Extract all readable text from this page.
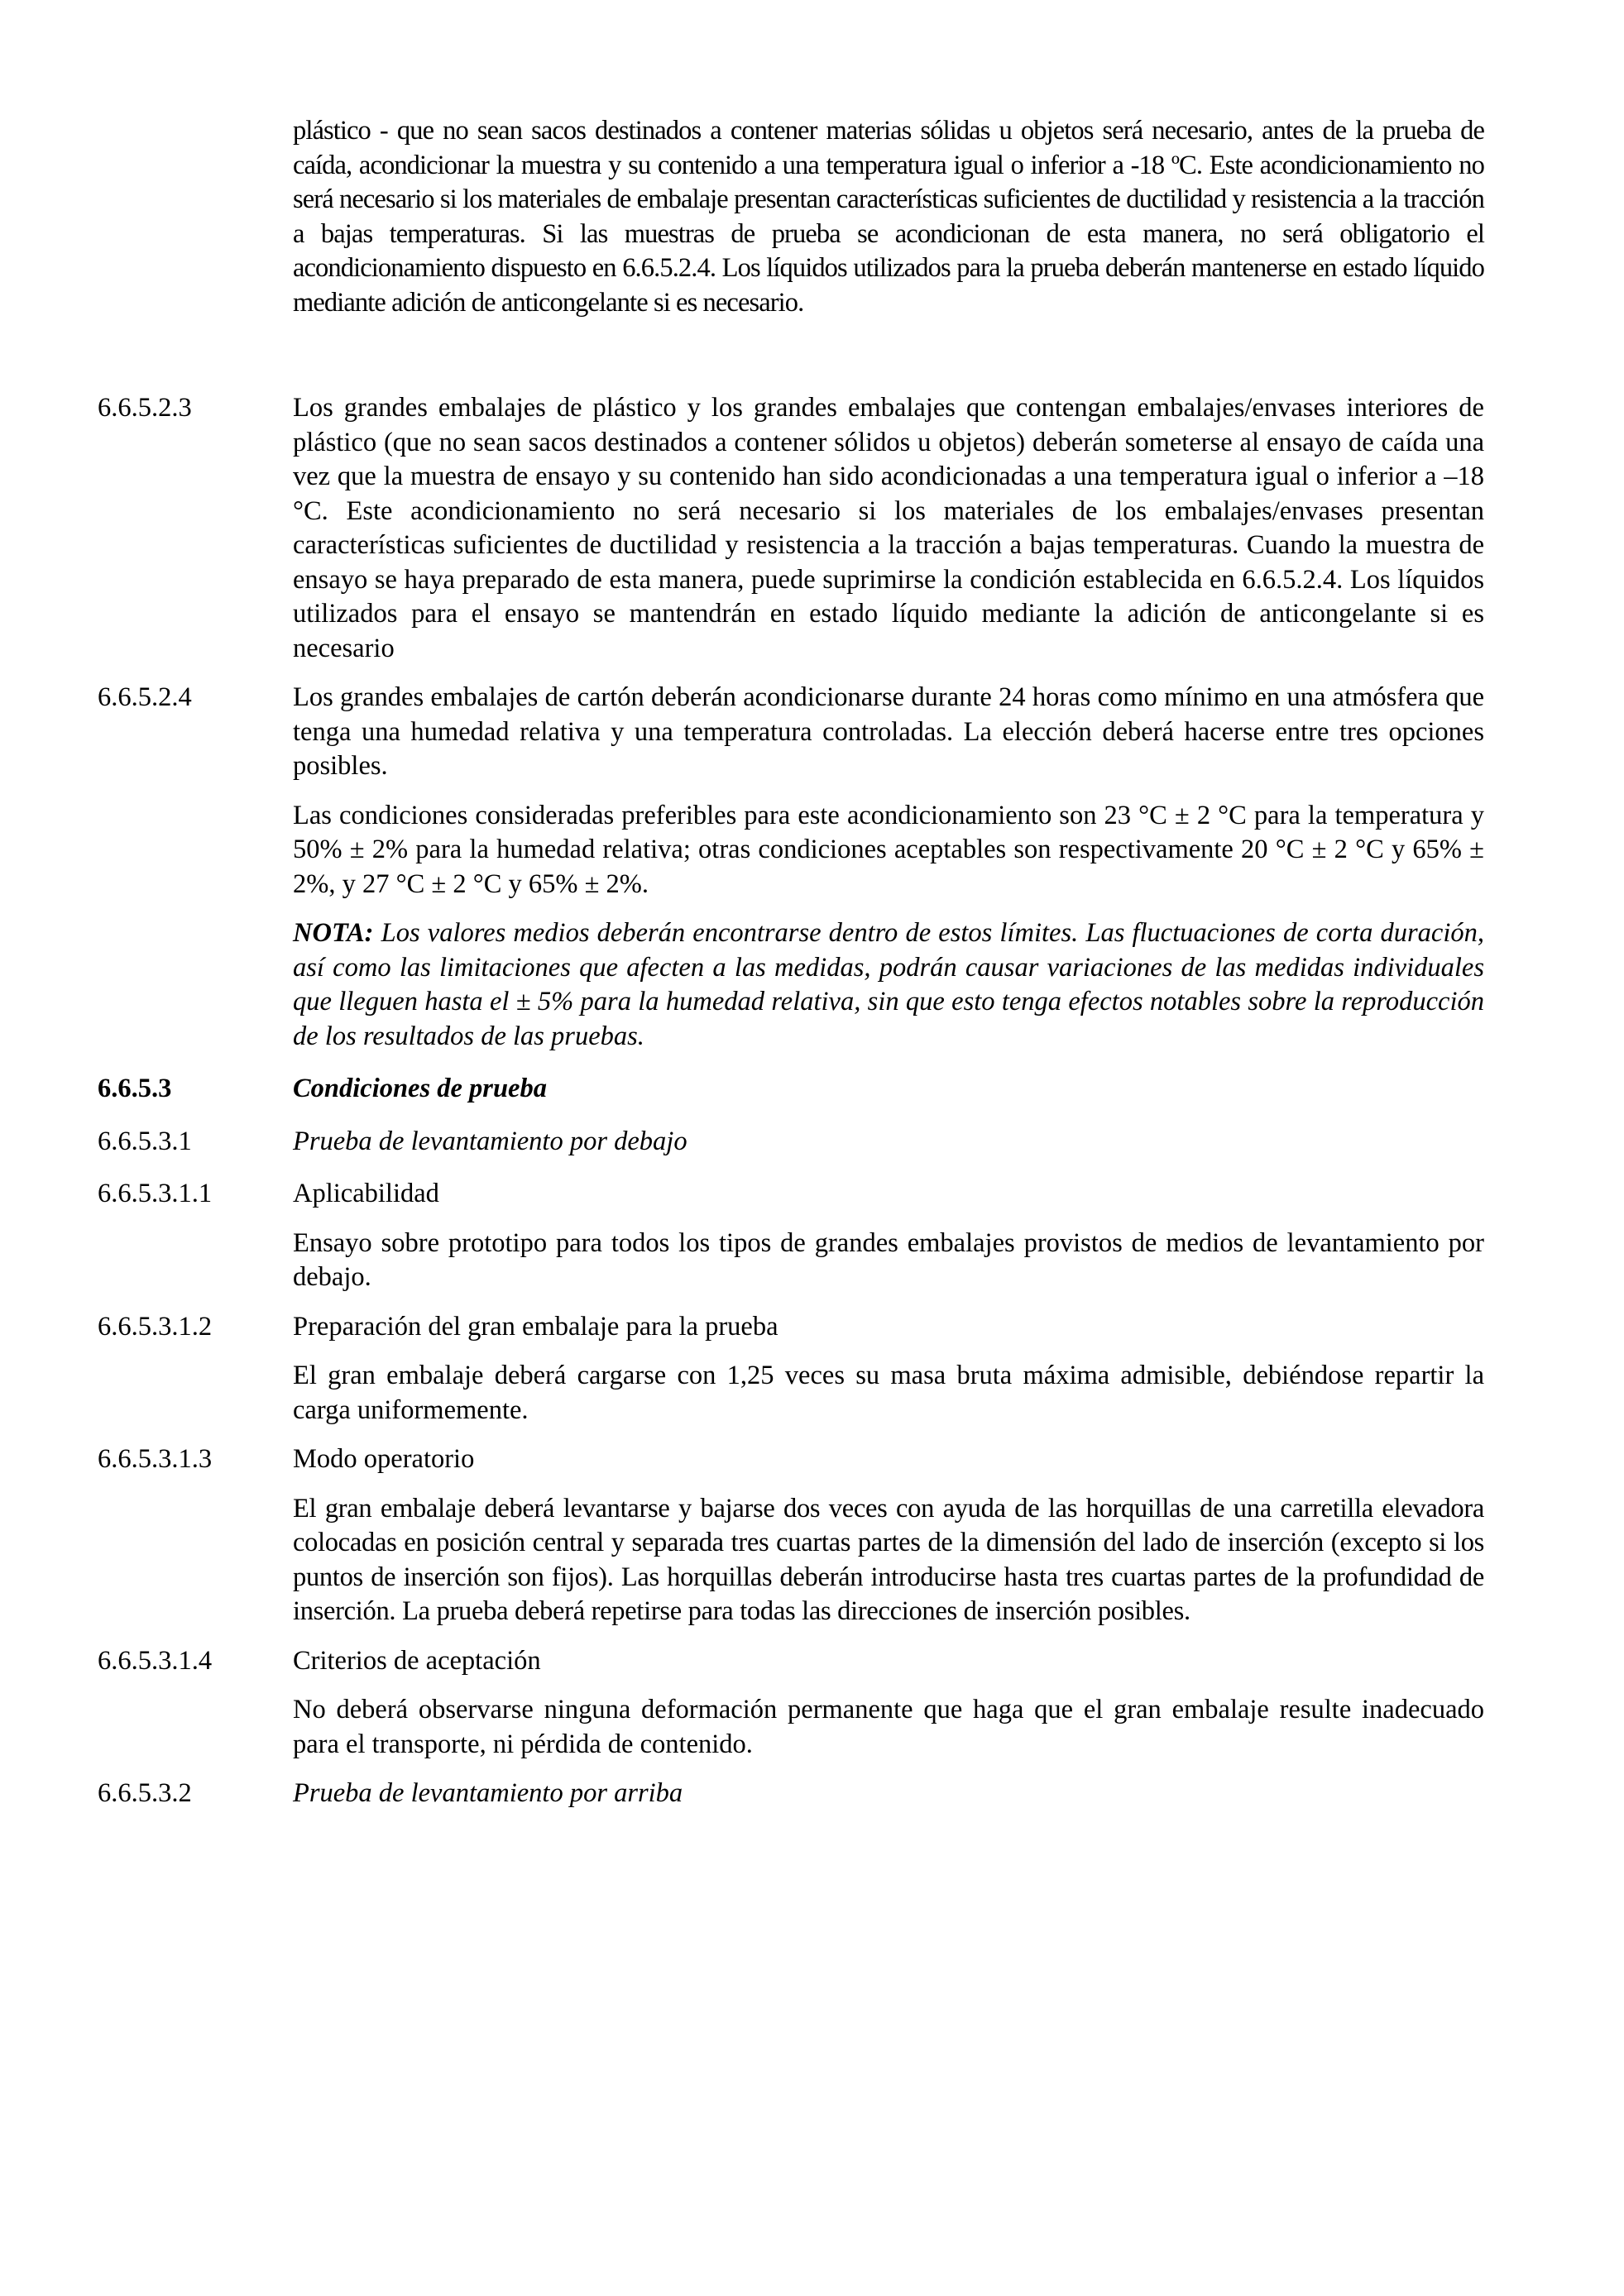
plástico - que no sean sacos destinados a contener materias sólidas u objetos será necesario, antes de la prueba de caída, acondicionar la muestra y su contenido a una temperatura igual o inferior a -18 ºC. Este acondicionamiento no será necesario si los materiales de embalaje presentan características suficientes de ductilidad y resistencia a la tracción a bajas temperaturas. Si las muestras de prueba se acondicionan de esta manera, no será obligatorio el acondicionamiento dispuesto en 6.6.5.2.4. Los líquidos utilizados para la prueba deberán mantenerse en estado líquido mediante adición de anticongelante si es necesario.
6.6.5.2.3	Los grandes embalajes de plástico y los grandes embalajes que contengan embalajes/envases interiores de plástico (que no sean sacos destinados a contener sólidos u objetos) deberán someterse al ensayo de caída una vez que la muestra de ensayo y su contenido han sido acondicionadas a una temperatura igual o inferior a –18 °C. Este acondicionamiento no será necesario si los materiales de los embalajes/envases presentan características suficientes de ductilidad y resistencia a la tracción a bajas temperaturas. Cuando la muestra de ensayo se haya preparado de esta manera, puede suprimirse la condición establecida en 6.6.5.2.4. Los líquidos utilizados para el ensayo se mantendrán en estado líquido mediante la adición de anticongelante si es necesario
6.6.5.2.4	Los grandes embalajes de cartón deberán acondicionarse durante 24 horas como mínimo en una atmósfera que tenga una humedad relativa y una temperatura controladas. La elección deberá hacerse entre tres opciones posibles.
Las condiciones consideradas preferibles para este acondicionamiento son 23 °C ± 2 °C para la temperatura y 50% ± 2% para la humedad relativa; otras condiciones aceptables son respectivamente 20 °C ± 2 °C y 65% ± 2%, y 27 °C ± 2 °C y 65% ± 2%.
NOTA: Los valores medios deberán encontrarse dentro de estos límites. Las fluctuaciones de corta duración, así como las limitaciones que afecten a las medidas, podrán causar variaciones de las medidas individuales que lleguen hasta el ± 5% para la humedad relativa, sin que esto tenga efectos notables sobre la reproducción de los resultados de las pruebas.
6.6.5.3	Condiciones de prueba
6.6.5.3.1	Prueba de levantamiento por debajo
6.6.5.3.1.1	Aplicabilidad
Ensayo sobre prototipo para todos los tipos de grandes embalajes provistos de medios de levantamiento por debajo.
6.6.5.3.1.2	Preparación del gran embalaje para la prueba
El gran embalaje deberá cargarse con 1,25 veces su masa bruta máxima admisible, debiéndose repartir la carga uniformemente.
6.6.5.3.1.3	Modo operatorio
El gran embalaje deberá levantarse y bajarse dos veces con ayuda de las horquillas de una carretilla elevadora colocadas en posición central y separada tres cuartas partes de la dimensión del lado de inserción (excepto si los puntos de inserción son fijos). Las horquillas deberán introducirse hasta tres cuartas partes de la profundidad de inserción. La prueba deberá repetirse para todas las direcciones de inserción posibles.
6.6.5.3.1.4	Criterios de aceptación
No deberá observarse ninguna deformación permanente que haga que el gran embalaje resulte inadecuado para el transporte, ni pérdida de contenido.
6.6.5.3.2	Prueba de levantamiento por arriba
